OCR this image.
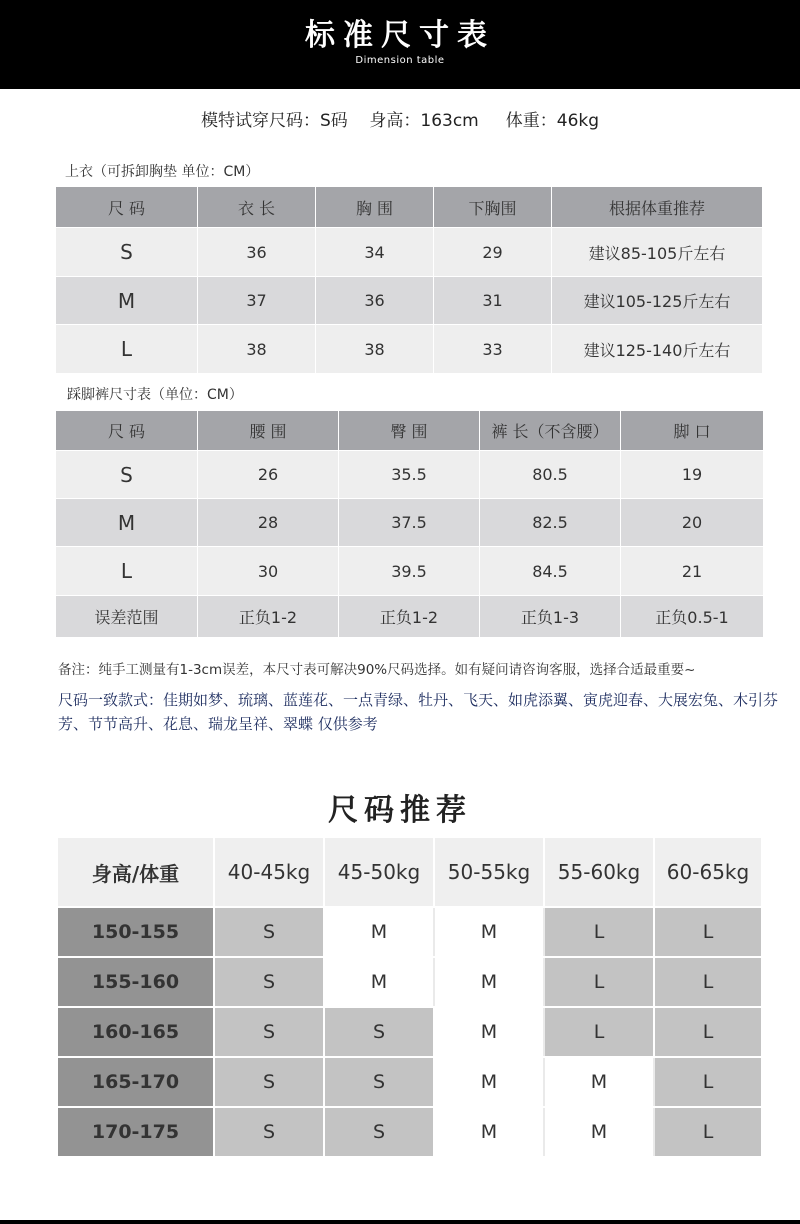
标准尺寸表
Dimension table
模特试穿尺码：S码    身高：163cm     体重：46kg
上衣（可拆卸胸垫 单位：CM）
尺 码	衣 长	胸 围	下胸围	根据体重推荐
S	36	34	29	建议85-105斤左右
M	37	36	31	建议105-125斤左右
L	38	38	33	建议125-140斤左右
踩脚裤尺寸表（单位：CM）
尺 码	腰 围	臀 围	裤 长（不含腰）	脚 口
S	26	35.5	80.5	19
M	28	37.5	82.5	20
L	30	39.5	84.5	21
误差范围	正负1-2	正负1-2	正负1-3	正负0.5-1
备注：纯手工测量有1-3cm误差，本尺寸表可解决90%尺码选择。如有疑问请咨询客服，选择合适最重要~
尺码一致款式：佳期如梦、琉璃、蓝莲花、一点青绿、牡丹、飞天、如虎添翼、寅虎迎春、大展宏兔、木引芬芳、节节高升、花息、瑞龙呈祥、翠蝶 仅供参考
尺码推荐
身高/体重	40-45kg	45-50kg	50-55kg	55-60kg	60-65kg
150-155	S	M	M	L	L
155-160	S	M	M	L	L
160-165	S	S	M	L	L
165-170	S	S	M	M	L
170-175	S	S	M	M	L
